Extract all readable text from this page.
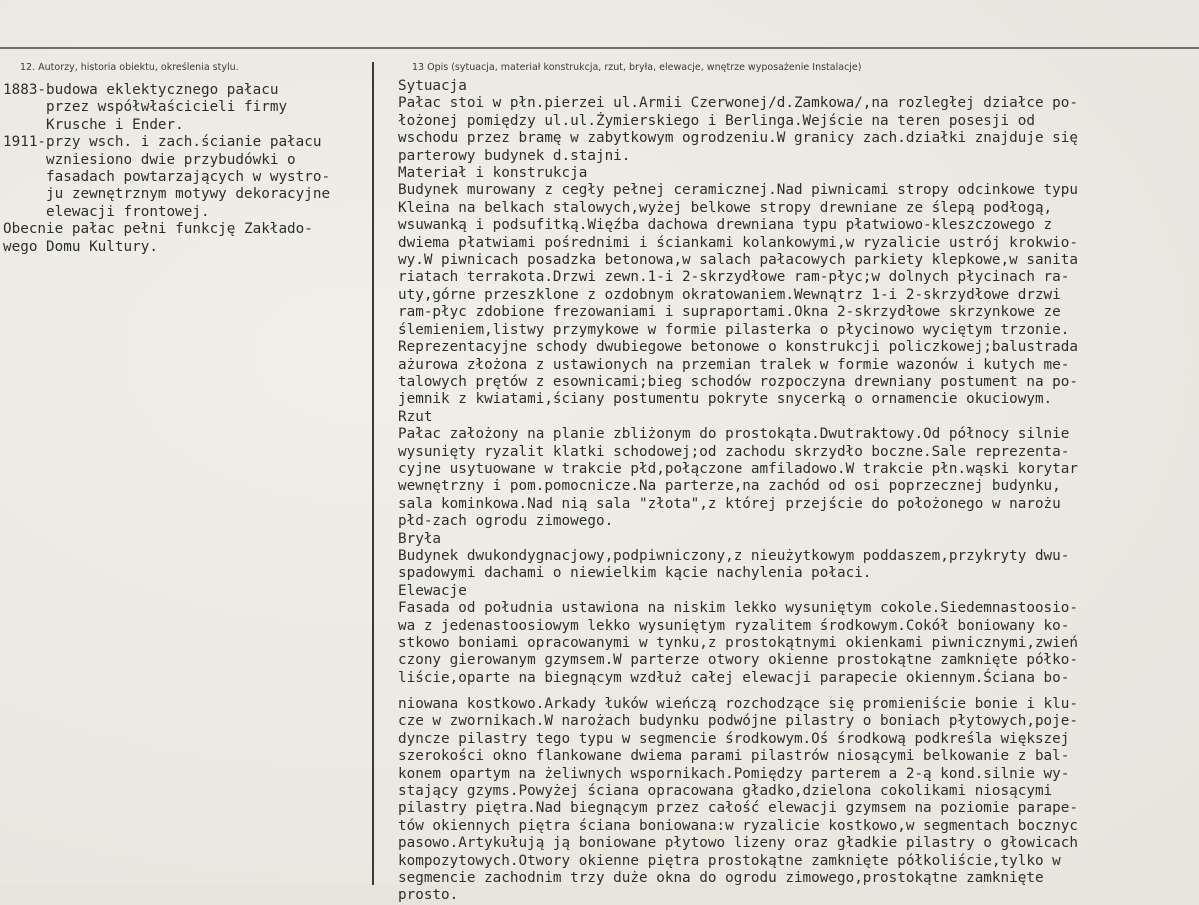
12. Autorzy, historia obiektu, określenia stylu.	13 Opis (sytuacja, materiał konstrukcja, rzut, bryła, elewacje, wnętrze wyposażenie Instalacje)
1883-budowa eklektycznego pałacu
przez współwłaścicieli firmy
Krusche i Ender.
1911-przy wsch. i zach.ścianie pałacu
wzniesiono dwie przybudówki o
fasadach powtarzających w wystro-
ju zewnętrznym motywy dekoracyjne
elewacji frontowej.
Obecnie pałac pełni funkcję Zakłado-
wego Domu Kultury.
Sytuacja
Pałac stoi w płn.pierzei ul.Armii Czerwonej/d.Zamkowa/,na rozległej działce po-
łożonej pomiędzy ul.ul.Żymierskiego i Berlinga.Wejście na teren posesji od
wschodu przez bramę w zabytkowym ogrodzeniu.W granicy zach.działki znajduje się
parterowy budynek d.stajni.
Materiał i konstrukcja
Budynek murowany z cegły pełnej ceramicznej.Nad piwnicami stropy odcinkowe typu
Kleina na belkach stalowych,wyżej belkowe stropy drewniane ze ślepą podłogą,
wsuwanką i podsufitką.Więźba dachowa drewniana typu płatwiowo-kleszczowego z
dwiema płatwiami pośrednimi i ściankami kolankowymi,w ryzalicie ustrój krokwio-
wy.W piwnicach posadzka betonowa,w salach pałacowych parkiety klepkowe,w sanita
riatach terrakota.Drzwi zewn.1-i 2-skrzydłowe ram-płyc;w dolnych płycinach ra-
uty,górne przeszklone z ozdobnym okratowaniem.Wewnątrz 1-i 2-skrzydłowe drzwi
ram-płyc zdobione frezowaniami i supraportami.Okna 2-skrzydłowe skrzynkowe ze
ślemieniem,listwy przymykowe w formie pilasterka o płycinowo wyciętym trzonie.
Reprezentacyjne schody dwubiegowe betonowe o konstrukcji policzkowej;balustrada
ażurowa złożona z ustawionych na przemian tralek w formie wazonów i kutych me-
talowych prętów z esownicami;bieg schodów rozpoczyna drewniany postument na po-
jemnik z kwiatami,ściany postumentu pokryte snycerką o ornamencie okuciowym.
Rzut
Pałac założony na planie zbliżonym do prostokąta.Dwutraktowy.Od północy silnie
wysunięty ryzalit klatki schodowej;od zachodu skrzydło boczne.Sale reprezenta-
cyjne usytuowane w trakcie płd,połączone amfiladowo.W trakcie płn.wąski korytar
wewnętrzny i pom.pomocnicze.Na parterze,na zachód od osi poprzecznej budynku,
sala kominkowa.Nad nią sala "złota",z której przejście do położonego w narożu
płd-zach ogrodu zimowego.
Bryła
Budynek dwukondygnacjowy,podpiwniczony,z nieużytkowym poddaszem,przykryty dwu-
spadowymi dachami o niewielkim kącie nachylenia połaci.
Elewacje
Fasada od południa ustawiona na niskim lekko wysuniętym cokole.Siedemnastoosio-
wa z jedenastoosiowym lekko wysuniętym ryzalitem środkowym.Cokół boniowany ko-
stkowo boniami opracowanymi w tynku,z prostokątnymi okienkami piwnicznymi,zwień
czony gierowanym gzymsem.W parterze otwory okienne prostokątne zamknięte półko-
liście,oparte na biegnącym wzdłuż całej elewacji parapecie okiennym.Ściana bo-
niowana kostkowo.Arkady łuków wieńczą rozchodzące się promieniście bonie i klu-
cze w zwornikach.W narożach budynku podwójne pilastry o boniach płytowych,poje-
dyncze pilastry tego typu w segmencie środkowym.Oś środkową podkreśla większej
szerokości okno flankowane dwiema parami pilastrów niosącymi belkowanie z bal-
konem opartym na żeliwnych wspornikach.Pomiędzy parterem a 2-ą kond.silnie wy-
stający gzyms.Powyżej ściana opracowana gładko,dzielona cokolikami niosącymi
pilastry piętra.Nad biegnącym przez całość elewacji gzymsem na poziomie parape-
tów okiennych piętra ściana boniowana:w ryzalicie kostkowo,w segmentach bocznyc
pasowo.Artykułują ją boniowane płytowo lizeny oraz gładkie pilastry o głowicach
kompozytowych.Otwory okienne piętra prostokątne zamknięte półkoliście,tylko w
segmencie zachodnim trzy duże okna do ogrodu zimowego,prostokątne zamknięte
prosto.
